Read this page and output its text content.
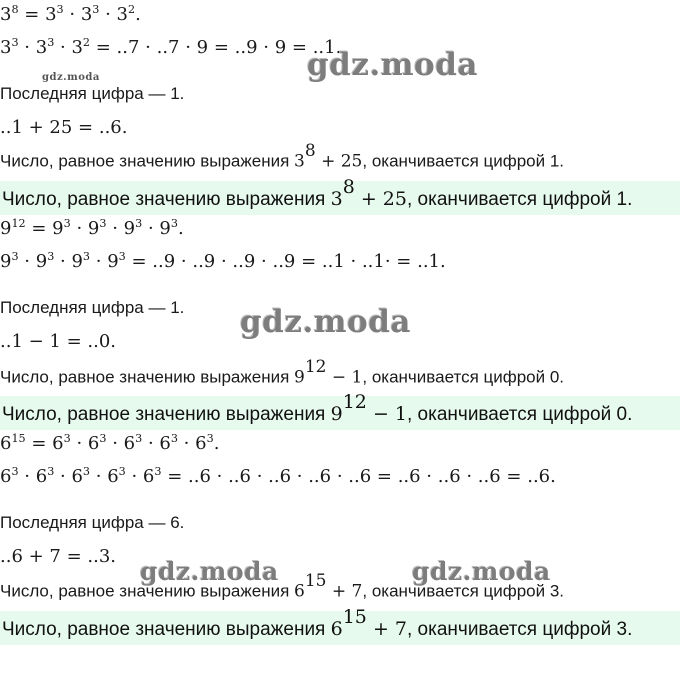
$3^8 = 3^3 \cdot 3^3 \cdot 3^2$.
$3^3 \cdot 3^3 \cdot 3^2 = ..7 \cdot ..7 \cdot 9 = ..9 \cdot 9 = ..1$.
gdz.moda	gdz.moda
Последняя цифра — 1.
..1 + 25 = ..6.
Число, равное значению выражения $3^8 + 25$, оканчивается цифрой 1.
Число, равное значению выражения $3^8 + 25$, оканчивается цифрой 1.
$9^{12} = 9^3 \cdot 9^3 \cdot 9^3 \cdot 9^3$.
$9^3 \cdot 9^3 \cdot 9^3 \cdot 9^3 = ..9 \cdot ..9 \cdot ..9 \cdot ..9 = ..1 \cdot ..1\cdot = ..1$.
Последняя цифра — 1. gdz.moda
..1 − 1 = ..0.
Число, равное значению выражения $9^{12} - 1$, оканчивается цифрой 0.
Число, равное значению выражения $9^{12} - 1$, оканчивается цифрой 0.
$6^{15} = 6^3 \cdot 6^3 \cdot 6^3 \cdot 6^3 \cdot 6^3$.
$6^3 \cdot 6^3 \cdot 6^3 \cdot 6^3 \cdot 6^3 = ..6 \cdot ..6 \cdot ..6 \cdot ..6 \cdot ..6 = ..6 \cdot ..6 \cdot ..6 = ..6$.
Последняя цифра — 6.
..6 + 7 = ..3.
gdz.moda	gdz.moda
Число, равное значению выражения $6^{15} + 7$, оканчивается цифрой 3.
Число, равное значению выражения $6^{15} + 7$, оканчивается цифрой 3.
